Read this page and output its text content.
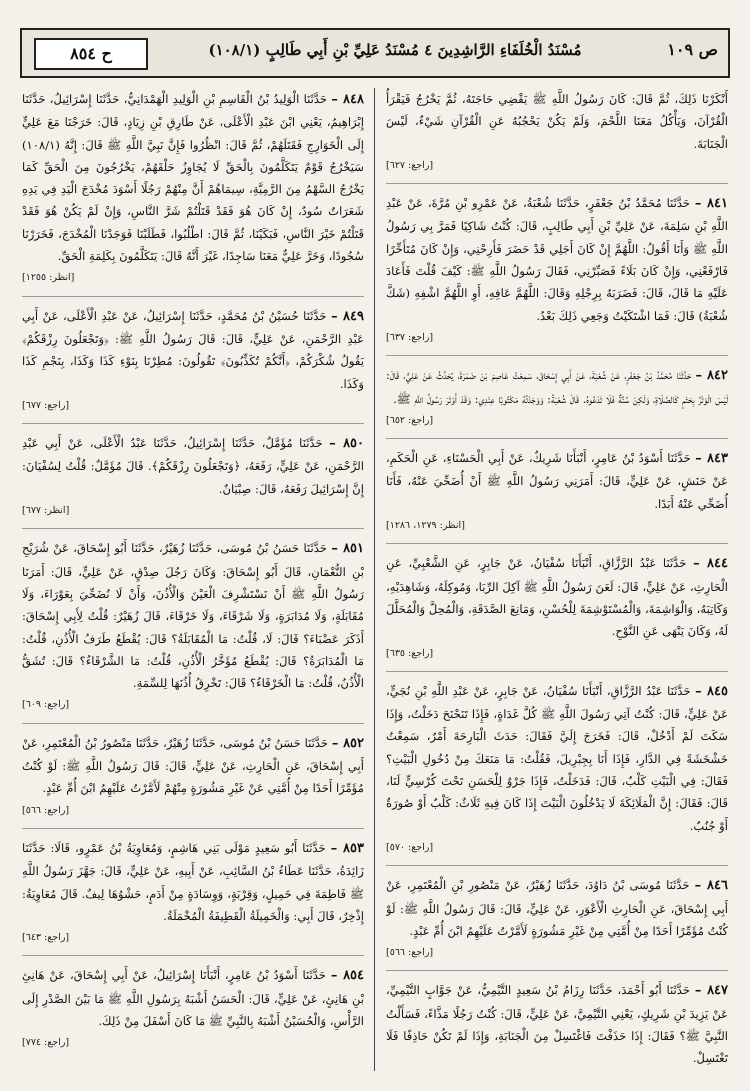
ص ١٠٩
مُسْنَدُ الْخُلَفَاءِ الرَّاشِدِينَ ٤ مُسْنَدُ عَلِيِّ بْنِ أَبِي طَالِبٍ (١٠٨/١)
ح ٨٥٤

أَنْكَرْنَا ذَلِكَ، ثُمَّ قَالَ: كَانَ رَسُولُ اللَّهِ ﷺ يَقْضِي حَاجَتَهُ، ثُمَّ يَخْرُجُ فَيَقْرَأُ الْقُرْآنَ، وَيَأْكُلُ مَعَنَا اللَّحْمَ، وَلَمْ يَكُنْ يَحْجُبُهُ عَنِ الْقُرْآنِ شَيْءٌ، لَيْسَ الْجَنَابَةَ.
[راجع: ٦٢٧]

٨٤١ – حَدَّثَنَا مُحَمَّدُ بْنُ جَعْفَرٍ، حَدَّثَنَا شُعْبَةُ، عَنْ عَمْرِو بْنِ مُرَّةَ، عَنْ عَبْدِ اللَّهِ بْنِ سَلِمَةَ، عَنْ عَلِيِّ بْنِ أَبِي طَالِبٍ، قَالَ: كُنْتُ شَاكِيًا فَمَرَّ بِي رَسُولُ اللَّهِ ﷺ وَأَنَا أَقُولُ: اللَّهُمَّ إِنْ كَانَ أَجَلِي قَدْ حَضَرَ فَأَرِحْنِي، وَإِنْ كَانَ مُتَأَخِّرًا فَارْفَعْنِي، وَإِنْ كَانَ بَلَاءً فَصَبِّرْنِي، فَقَالَ رَسُولُ اللَّهِ ﷺ: كَيْفَ قُلْتَ فَأَعَادَ عَلَيْهِ مَا قَالَ، قَالَ: فَضَرَبَهُ بِرِجْلِهِ وَقَالَ: اللَّهُمَّ عَافِهِ، أَوِ اللَّهُمَّ اشْفِهِ (شَكَّ شُعْبَةُ) قَالَ: فَمَا اشْتَكَيْتُ وَجَعِي ذَلِكَ بَعْدُ.
[راجع: ٦٣٧]

٨٤٢ – حَدَّثَنَا مُحَمَّدُ بْنُ جَعْفَرٍ، عَنْ شُعْبَةَ، عَنْ أَبِي إِسْحَاقَ، سَمِعْتُ عَاصِمَ بْنَ ضَمْرَةَ، يُحَدِّثُ عَنْ عَلِيٍّ، قَالَ: لَيْسَ الْوَتْرُ بِحَتْمٍ كَالصَّلَاةِ، وَلَكِنْ سُنَّةٌ فَلَا تَدَعُوهُ. قَالَ شُعْبَةُ: وَوَجَدْتُهُ مَكْتُوبًا عِنْدِي: وَقَدْ أَوْتَرَ رَسُولُ اللَّهِ ﷺ.
[راجع: ٦٥٢]

٨٤٣ – حَدَّثَنَا أَسْوَدُ بْنُ عَامِرٍ، أَنْبَأَنَا شَرِيكٌ، عَنْ أَبِي الْحَسْنَاءِ، عَنِ الْحَكَمِ، عَنْ حَنَشٍ، عَنْ عَلِيٍّ، قَالَ: أَمَرَنِي رَسُولُ اللَّهِ ﷺ أَنْ أُضَحِّيَ عَنْهُ، فَأَنَا أُضَحِّي عَنْهُ أَبَدًا.
[انظر: ١٢٧٩، ١٢٨٦]

٨٤٤ – حَدَّثَنَا عَبْدُ الرَّزَّاقِ، أَنْبَأَنَا سُفْيَانُ، عَنْ جَابِرٍ، عَنِ الشَّعْبِيِّ، عَنِ الْحَارِثِ، عَنْ عَلِيٍّ، قَالَ: لَعَنَ رَسُولُ اللَّهِ ﷺ آكِلَ الرِّبَا، وَمُوكِلَهُ، وَشَاهِدَيْهِ، وَكَاتِبَهُ، وَالْوَاشِمَةَ، وَالْمُسْتَوْشِمَةَ لِلْحُسْنِ، وَمَانِعَ الصَّدَقَةِ، وَالْمُحِلَّ وَالْمُحَلَّلَ لَهُ، وَكَانَ يَنْهَى عَنِ النَّوْحِ.
[راجع: ٦٣٥]

٨٤٥ – حَدَّثَنَا عَبْدُ الرَّزَّاقِ، أَنْبَأَنَا سُفْيَانُ، عَنْ جَابِرٍ، عَنْ عَبْدِ اللَّهِ بْنِ نُجَيٍّ، عَنْ عَلِيٍّ، قَالَ: كُنْتُ آتِي رَسُولَ اللَّهِ ﷺ كُلَّ غَدَاةٍ، فَإِذَا تَنَحْنَحَ دَخَلْتُ، وَإِذَا سَكَتَ لَمْ أَدْخُلْ، قَالَ: فَخَرَجَ إِلَيَّ فَقَالَ: حَدَثَ الْبَارِحَةَ أَمْرٌ، سَمِعْتُ خَشْخَشَةً فِي الدَّارِ، فَإِذَا أَنَا بِجِبْرِيلَ، فَقُلْتُ: مَا مَنَعَكَ مِنْ دُخُولِ الْبَيْتِ؟ فَقَالَ: فِي الْبَيْتِ كَلْبٌ، قَالَ: فَدَخَلْتُ، فَإِذَا جَرْوٌ لِلْحَسَنِ تَحْتَ كُرْسِيٍّ لَنَا، قَالَ: فَقَالَ: إِنَّ الْمَلَائِكَةَ لَا يَدْخُلُونَ الْبَيْتَ إِذَا كَانَ فِيهِ ثَلَاثٌ: كَلْبٌ أَوْ صُورَةٌ أَوْ جُنُبٌ.
[راجع: ٥٧٠]

٨٤٦ – حَدَّثَنَا مُوسَى بْنُ دَاوُدَ، حَدَّثَنَا زُهَيْرٌ، عَنْ مَنْصُورِ بْنِ الْمُعْتَمِرِ، عَنْ أَبِي إِسْحَاقَ، عَنِ الْحَارِثِ الْأَعْوَرِ، عَنْ عَلِيٍّ، قَالَ: قَالَ رَسُولُ اللَّهِ ﷺ: لَوْ كُنْتُ مُؤَمِّرًا أَحَدًا مِنْ أُمَّتِي مِنْ غَيْرِ مَشُورَةٍ لَأَمَّرْتُ عَلَيْهِمُ ابْنَ أُمِّ عَبْدٍ.
[راجع: ٥٦٦]

٨٤٧ – حَدَّثَنَا أَبُو أَحْمَدَ، حَدَّثَنَا رِزَامُ بْنُ سَعِيدٍ التَّيْمِيُّ، عَنْ جَوَّابٍ التَّيْمِيِّ، عَنْ يَزِيدَ بْنِ شَرِيكٍ، يَعْنِي التَّيْمِيَّ، عَنْ عَلِيٍّ، قَالَ: كُنْتُ رَجُلًا مَذَّاءً، فَسَأَلْتُ النَّبِيَّ ﷺ؟ فَقَالَ: إِذَا حَذَفْتَ فَاغْتَسِلْ مِنَ الْجَنَابَةِ، وَإِذَا لَمْ تَكُنْ حَاذِفًا فَلَا تَغْتَسِلْ.

٨٤٨ – حَدَّثَنَا الْوَلِيدُ بْنُ الْقَاسِمِ بْنِ الْوَلِيدِ الْهَمْدَانِيُّ، حَدَّثَنَا إِسْرَائِيلُ، حَدَّثَنَا إِبْرَاهِيمُ، يَعْنِي ابْنَ عَبْدِ الْأَعْلَى، عَنْ طَارِقِ بْنِ زِيَادٍ، قَالَ: خَرَجْنَا مَعَ عَلِيٍّ إِلَى الْخَوَارِجِ فَقَتَلَهُمْ، ثُمَّ قَالَ: انْظُرُوا فَإِنَّ نَبِيَّ اللَّهِ ﷺ قَالَ: إِنَّهُ (١٠٨/١) سَيَخْرُجُ قَوْمٌ يَتَكَلَّمُونَ بِالْحَقِّ لَا يُجَاوِزُ حَلْقَهُمْ، يَخْرُجُونَ مِنَ الْحَقِّ كَمَا يَخْرُجُ السَّهْمُ مِنَ الرَّمِيَّةِ، سِيمَاهُمْ أَنَّ مِنْهُمْ رَجُلًا أَسْوَدَ مُخْدَجَ الْيَدِ فِي يَدِهِ شَعَرَاتٌ سُودٌ، إِنْ كَانَ هُوَ فَقَدْ قَتَلْتُمْ شَرَّ النَّاسِ، وَإِنْ لَمْ يَكُنْ هُوَ فَقَدْ قَتَلْتُمْ خَيْرَ النَّاسِ، فَبَكَيْنَا، ثُمَّ قَالَ: اطْلُبُوا، فَطَلَبْنَا فَوَجَدْنَا الْمُخْدَجَ، فَخَرَرْنَا سُجُودًا، وَخَرَّ عَلِيٌّ مَعَنَا سَاجِدًا، غَيْرَ أَنَّهُ قَالَ: يَتَكَلَّمُونَ بِكَلِمَةِ الْحَقِّ.
[انظر: ١٢٥٥]

٨٤٩ – حَدَّثَنَا حُسَيْنُ بْنُ مُحَمَّدٍ، حَدَّثَنَا إِسْرَائِيلُ، عَنْ عَبْدِ الْأَعْلَى، عَنْ أَبِي عَبْدِ الرَّحْمَنِ، عَنْ عَلِيٍّ، قَالَ: قَالَ رَسُولُ اللَّهِ ﷺ: ﴿وَتَجْعَلُونَ رِزْقَكُمْ﴾ يَقُولُ شُكْرَكُمْ، ﴿أَنَّكُمْ تُكَذِّبُونَ﴾ تَقُولُونَ: مُطِرْنَا بِنَوْءِ كَذَا وَكَذَا، بِنَجْمِ كَذَا وَكَذَا.
[راجع: ٦٧٧]

٨٥٠ – حَدَّثَنَا مُؤَمَّلٌ، حَدَّثَنَا إِسْرَائِيلُ، حَدَّثَنَا عَبْدُ الْأَعْلَى، عَنْ أَبِي عَبْدِ الرَّحْمَنِ، عَنْ عَلِيٍّ، رَفَعَهُ، ﴿وَتَجْعَلُونَ رِزْقَكُمْ﴾. قَالَ مُؤَمَّلٌ: قُلْتُ لِسُفْيَانَ: إِنَّ إِسْرَائِيلَ رَفَعَهُ، قَالَ: صِبْيَانٌ.
[انظر: ٦٧٧]

٨٥١ – حَدَّثَنَا حَسَنُ بْنُ مُوسَى، حَدَّثَنَا زُهَيْرٌ، حَدَّثَنَا أَبُو إِسْحَاقَ، عَنْ شُرَيْحِ بْنِ النُّعْمَانِ، قَالَ أَبُو إِسْحَاقَ: وَكَانَ رَجُلَ صِدْقٍ، عَنْ عَلِيٍّ، قَالَ: أَمَرَنَا رَسُولُ اللَّهِ ﷺ أَنْ نَسْتَشْرِفَ الْعَيْنَ وَالْأُذُنَ، وَأَنْ لَا نُضَحِّيَ بِعَوْرَاءَ، وَلَا مُقَابَلَةٍ، وَلَا مُدَابَرَةٍ، وَلَا شَرْقَاءَ، وَلَا خَرْقَاءَ، قَالَ زُهَيْرٌ: قُلْتُ لِأَبِي إِسْحَاقَ: أَذَكَرَ عَضْبَاءَ؟ قَالَ: لَا، قُلْتُ: مَا الْمُقَابَلَةُ؟ قَالَ: يُقْطَعُ طَرَفُ الْأُذُنِ، قُلْتُ: مَا الْمُدَابَرَةُ؟ قَالَ: يُقْطَعُ مُؤَخَّرُ الْأُذُنِ، قُلْتُ: مَا الشَّرْقَاءُ؟ قَالَ: تُشَقُّ الْأُذُنُ، قُلْتُ: مَا الْخَرْقَاءُ؟ قَالَ: تَخْرِقُ أُذُنَهَا لِلسِّمَةِ.
[راجع: ٦٠٩]

٨٥٢ – حَدَّثَنَا حَسَنُ بْنُ مُوسَى، حَدَّثَنَا زُهَيْرٌ، حَدَّثَنَا مَنْصُورُ بْنُ الْمُعْتَمِرِ، عَنْ أَبِي إِسْحَاقَ، عَنِ الْحَارِثِ، عَنْ عَلِيٍّ، قَالَ: قَالَ رَسُولُ اللَّهِ ﷺ: لَوْ كُنْتُ مُؤَمِّرًا أَحَدًا مِنْ أُمَّتِي عَنْ غَيْرِ مَشُورَةٍ مِنْهُمْ لَأَمَّرْتُ عَلَيْهِمُ ابْنَ أُمِّ عَبْدٍ.
[راجع: ٥٦٦]

٨٥٣ – حَدَّثَنَا أَبُو سَعِيدٍ مَوْلَى بَنِي هَاشِمٍ، وَمُعَاوِيَةُ بْنُ عَمْرٍو، قَالَا: حَدَّثَنَا زَائِدَةُ، حَدَّثَنَا عَطَاءُ بْنُ السَّائِبِ، عَنْ أَبِيهِ، عَنْ عَلِيٍّ، قَالَ: جَهَّزَ رَسُولُ اللَّهِ ﷺ فَاطِمَةَ فِي خَمِيلٍ، وَقِرْبَةٍ، وَوِسَادَةٍ مِنْ أَدَمٍ، حَشْوُهَا لِيفٌ. قَالَ مُعَاوِيَةُ: إِذْخِرٌ، قَالَ أَبِي: وَالْخَمِيلَةُ الْقَطِيفَةُ الْمُخْمَلَةُ.
[راجع: ٦٤٣]

٨٥٤ – حَدَّثَنَا أَسْوَدُ بْنُ عَامِرٍ، أَنْبَأَنَا إِسْرَائِيلُ، عَنْ أَبِي إِسْحَاقَ، عَنْ هَانِئِ بْنِ هَانِئٍ، عَنْ عَلِيٍّ، قَالَ: الْحَسَنُ أَشْبَهُ بِرَسُولِ اللَّهِ ﷺ مَا بَيْنَ الصَّدْرِ إِلَى الرَّأْسِ، وَالْحُسَيْنُ أَشْبَهُ بِالنَّبِيِّ ﷺ مَا كَانَ أَسْفَلَ مِنْ ذَلِكَ.
[راجع: ٧٧٤]
